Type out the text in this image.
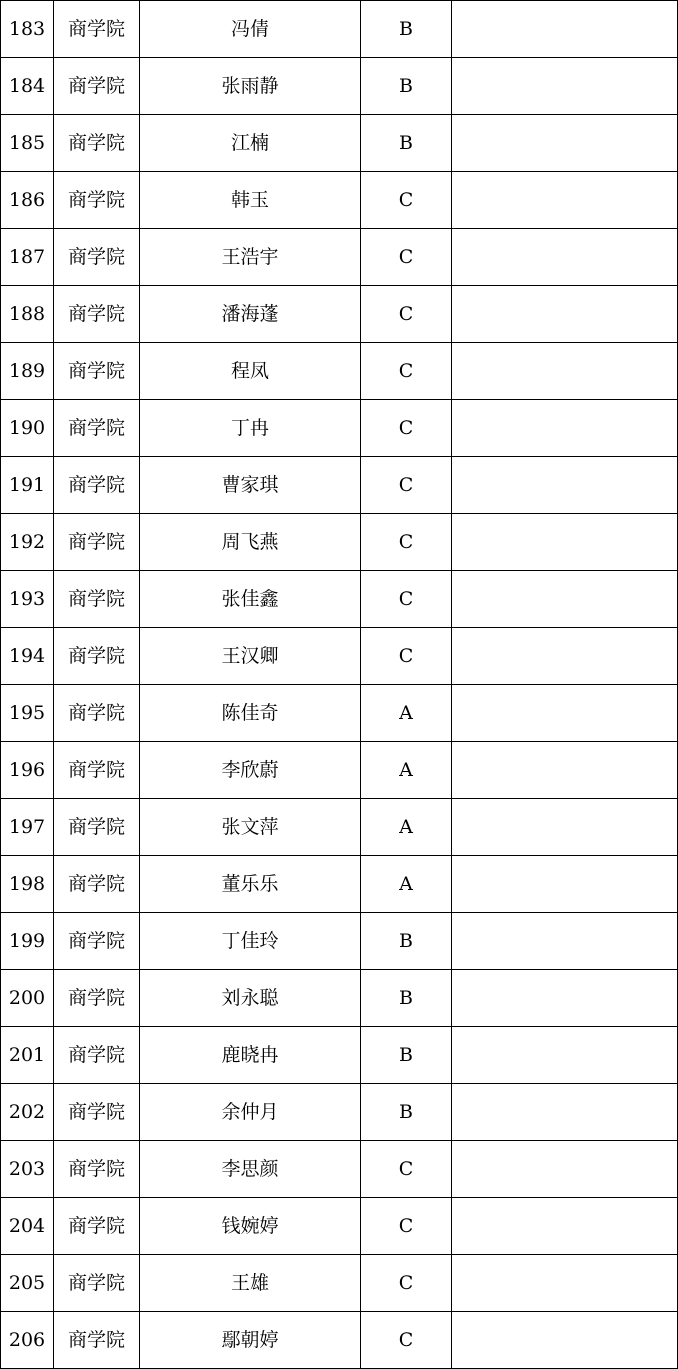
183	商学院	冯倩	B	
184	商学院	张雨静	B	
185	商学院	江楠	B	
186	商学院	韩玉	C	
187	商学院	王浩宇	C	
188	商学院	潘海蓬	C	
189	商学院	程凤	C	
190	商学院	丁冉	C	
191	商学院	曹家琪	C	
192	商学院	周飞燕	C	
193	商学院	张佳鑫	C	
194	商学院	王汉卿	C	
195	商学院	陈佳奇	A	
196	商学院	李欣蔚	A	
197	商学院	张文萍	A	
198	商学院	董乐乐	A	
199	商学院	丁佳玲	B	
200	商学院	刘永聪	B	
201	商学院	鹿晓冉	B	
202	商学院	余仲月	B	
203	商学院	李思颜	C	
204	商学院	钱婉婷	C	
205	商学院	王雄	C	
206	商学院	鄢朝婷	C	
